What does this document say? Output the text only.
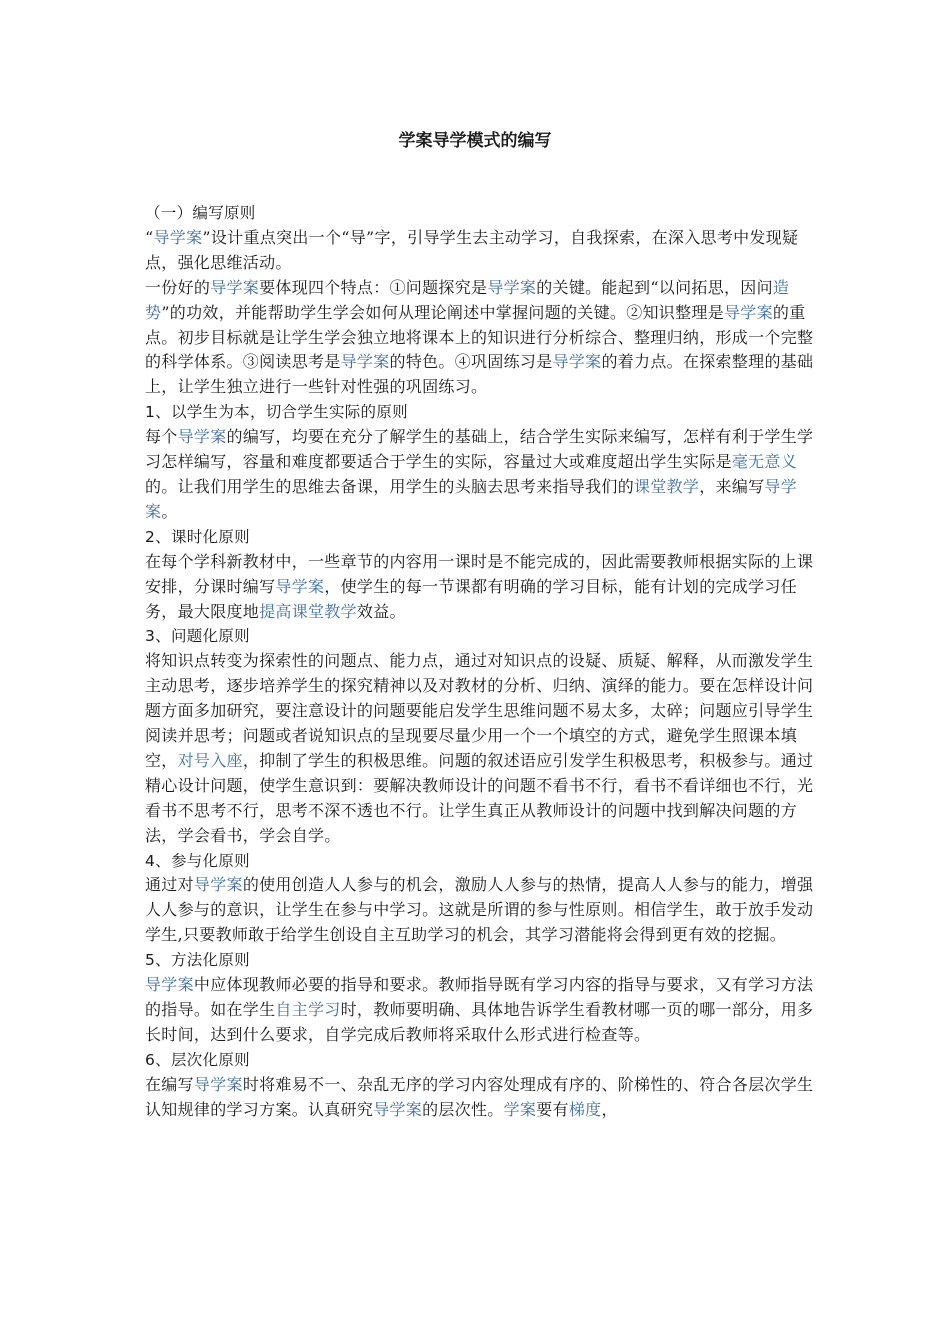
学案导学模式的编写

（一）编写原则

“导学案”设计重点突出一个“导”字，引导学生去主动学习，自我探索，在深入思考中发现疑点，强化思维活动。

一份好的导学案要体现四个特点：①问题探究是导学案的关键。能起到“以问拓思，因问造势”的功效，并能帮助学生学会如何从理论阐述中掌握问题的关键。②知识整理是导学案的重点。初步目标就是让学生学会独立地将课本上的知识进行分析综合、整理归纳，形成一个完整的科学体系。③阅读思考是导学案的特色。④巩固练习是导学案的着力点。在探索整理的基础上，让学生独立进行一些针对性强的巩固练习。

1、以学生为本，切合学生实际的原则

每个导学案的编写，均要在充分了解学生的基础上，结合学生实际来编写，怎样有利于学生学习怎样编写，容量和难度都要适合于学生的实际，容量过大或难度超出学生实际是毫无意义的。让我们用学生的思维去备课，用学生的头脑去思考来指导我们的课堂教学，来编写导学案。

2、课时化原则

在每个学科新教材中，一些章节的内容用一课时是不能完成的，因此需要教师根据实际的上课安排，分课时编写导学案，使学生的每一节课都有明确的学习目标，能有计划的完成学习任务，最大限度地提高课堂教学效益。

3、问题化原则

将知识点转变为探索性的问题点、能力点，通过对知识点的设疑、质疑、解释，从而激发学生主动思考，逐步培养学生的探究精神以及对教材的分析、归纳、演绎的能力。要在怎样设计问题方面多加研究，要注意设计的问题要能启发学生思维问题不易太多，太碎；问题应引导学生阅读并思考；问题或者说知识点的呈现要尽量少用一个一个填空的方式，避免学生照课本填空，对号入座，抑制了学生的积极思维。问题的叙述语应引发学生积极思考，积极参与。通过精心设计问题，使学生意识到：要解决教师设计的问题不看书不行，看书不看详细也不行，光看书不思考不行，思考不深不透也不行。让学生真正从教师设计的问题中找到解决问题的方法，学会看书，学会自学。

4、参与化原则

通过对导学案的使用创造人人参与的机会，激励人人参与的热情，提高人人参与的能力，增强人人参与的意识，让学生在参与中学习。这就是所谓的参与性原则。相信学生，敢于放手发动学生,只要教师敢于给学生创设自主互助学习的机会，其学习潜能将会得到更有效的挖掘。

5、方法化原则

导学案中应体现教师必要的指导和要求。教师指导既有学习内容的指导与要求，又有学习方法的指导。如在学生自主学习时，教师要明确、具体地告诉学生看教材哪一页的哪一部分，用多长时间，达到什么要求，自学完成后教师将采取什么形式进行检查等。

6、层次化原则

在编写导学案时将难易不一、杂乱无序的学习内容处理成有序的、阶梯性的、符合各层次学生认知规律的学习方案。认真研究导学案的层次性。学案要有梯度，
